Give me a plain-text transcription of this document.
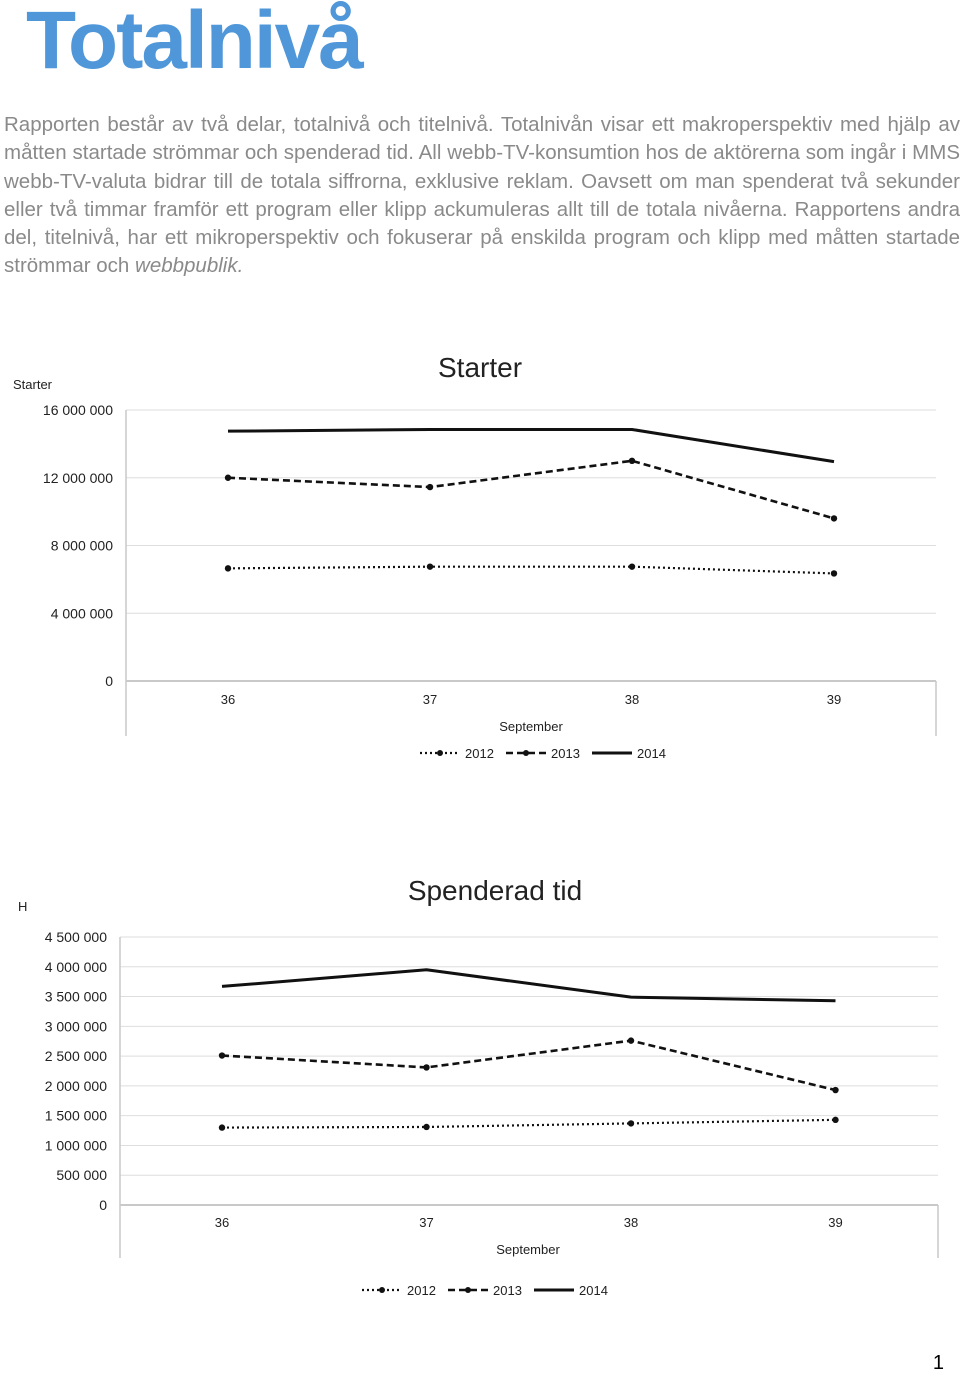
Totalnivå

Rapporten består av två delar, totalnivå och titelnivå. Totalnivån visar ett makroperspektiv med hjälp av måtten startade strömmar och spenderad tid. All webb-TV-konsumtion hos de aktörerna som ingår i MMS webb-TV-valuta bidrar till de totala siffrorna, exklusive reklam. Oavsett om man spenderat två sekunder eller två timmar framför ett program eller klipp ackumuleras allt till de totala nivåerna. Rapportens andra del, titelnivå, har ett mikroperspektiv och fokuserar på enskilda program och klipp med måtten startade strömmar och webbpublik.

Starter
Starter
0
4 000 000
8 000 000
12 000 000
16 000 000
36	37	38	39
September
2012	2013	2014
Spenderad tid
H
0
500 000
1 000 000
1 500 000
2 000 000
2 500 000
3 000 000
3 500 000
4 000 000
4 500 000
36	37	38	39
September
2012	2013	2014

1
